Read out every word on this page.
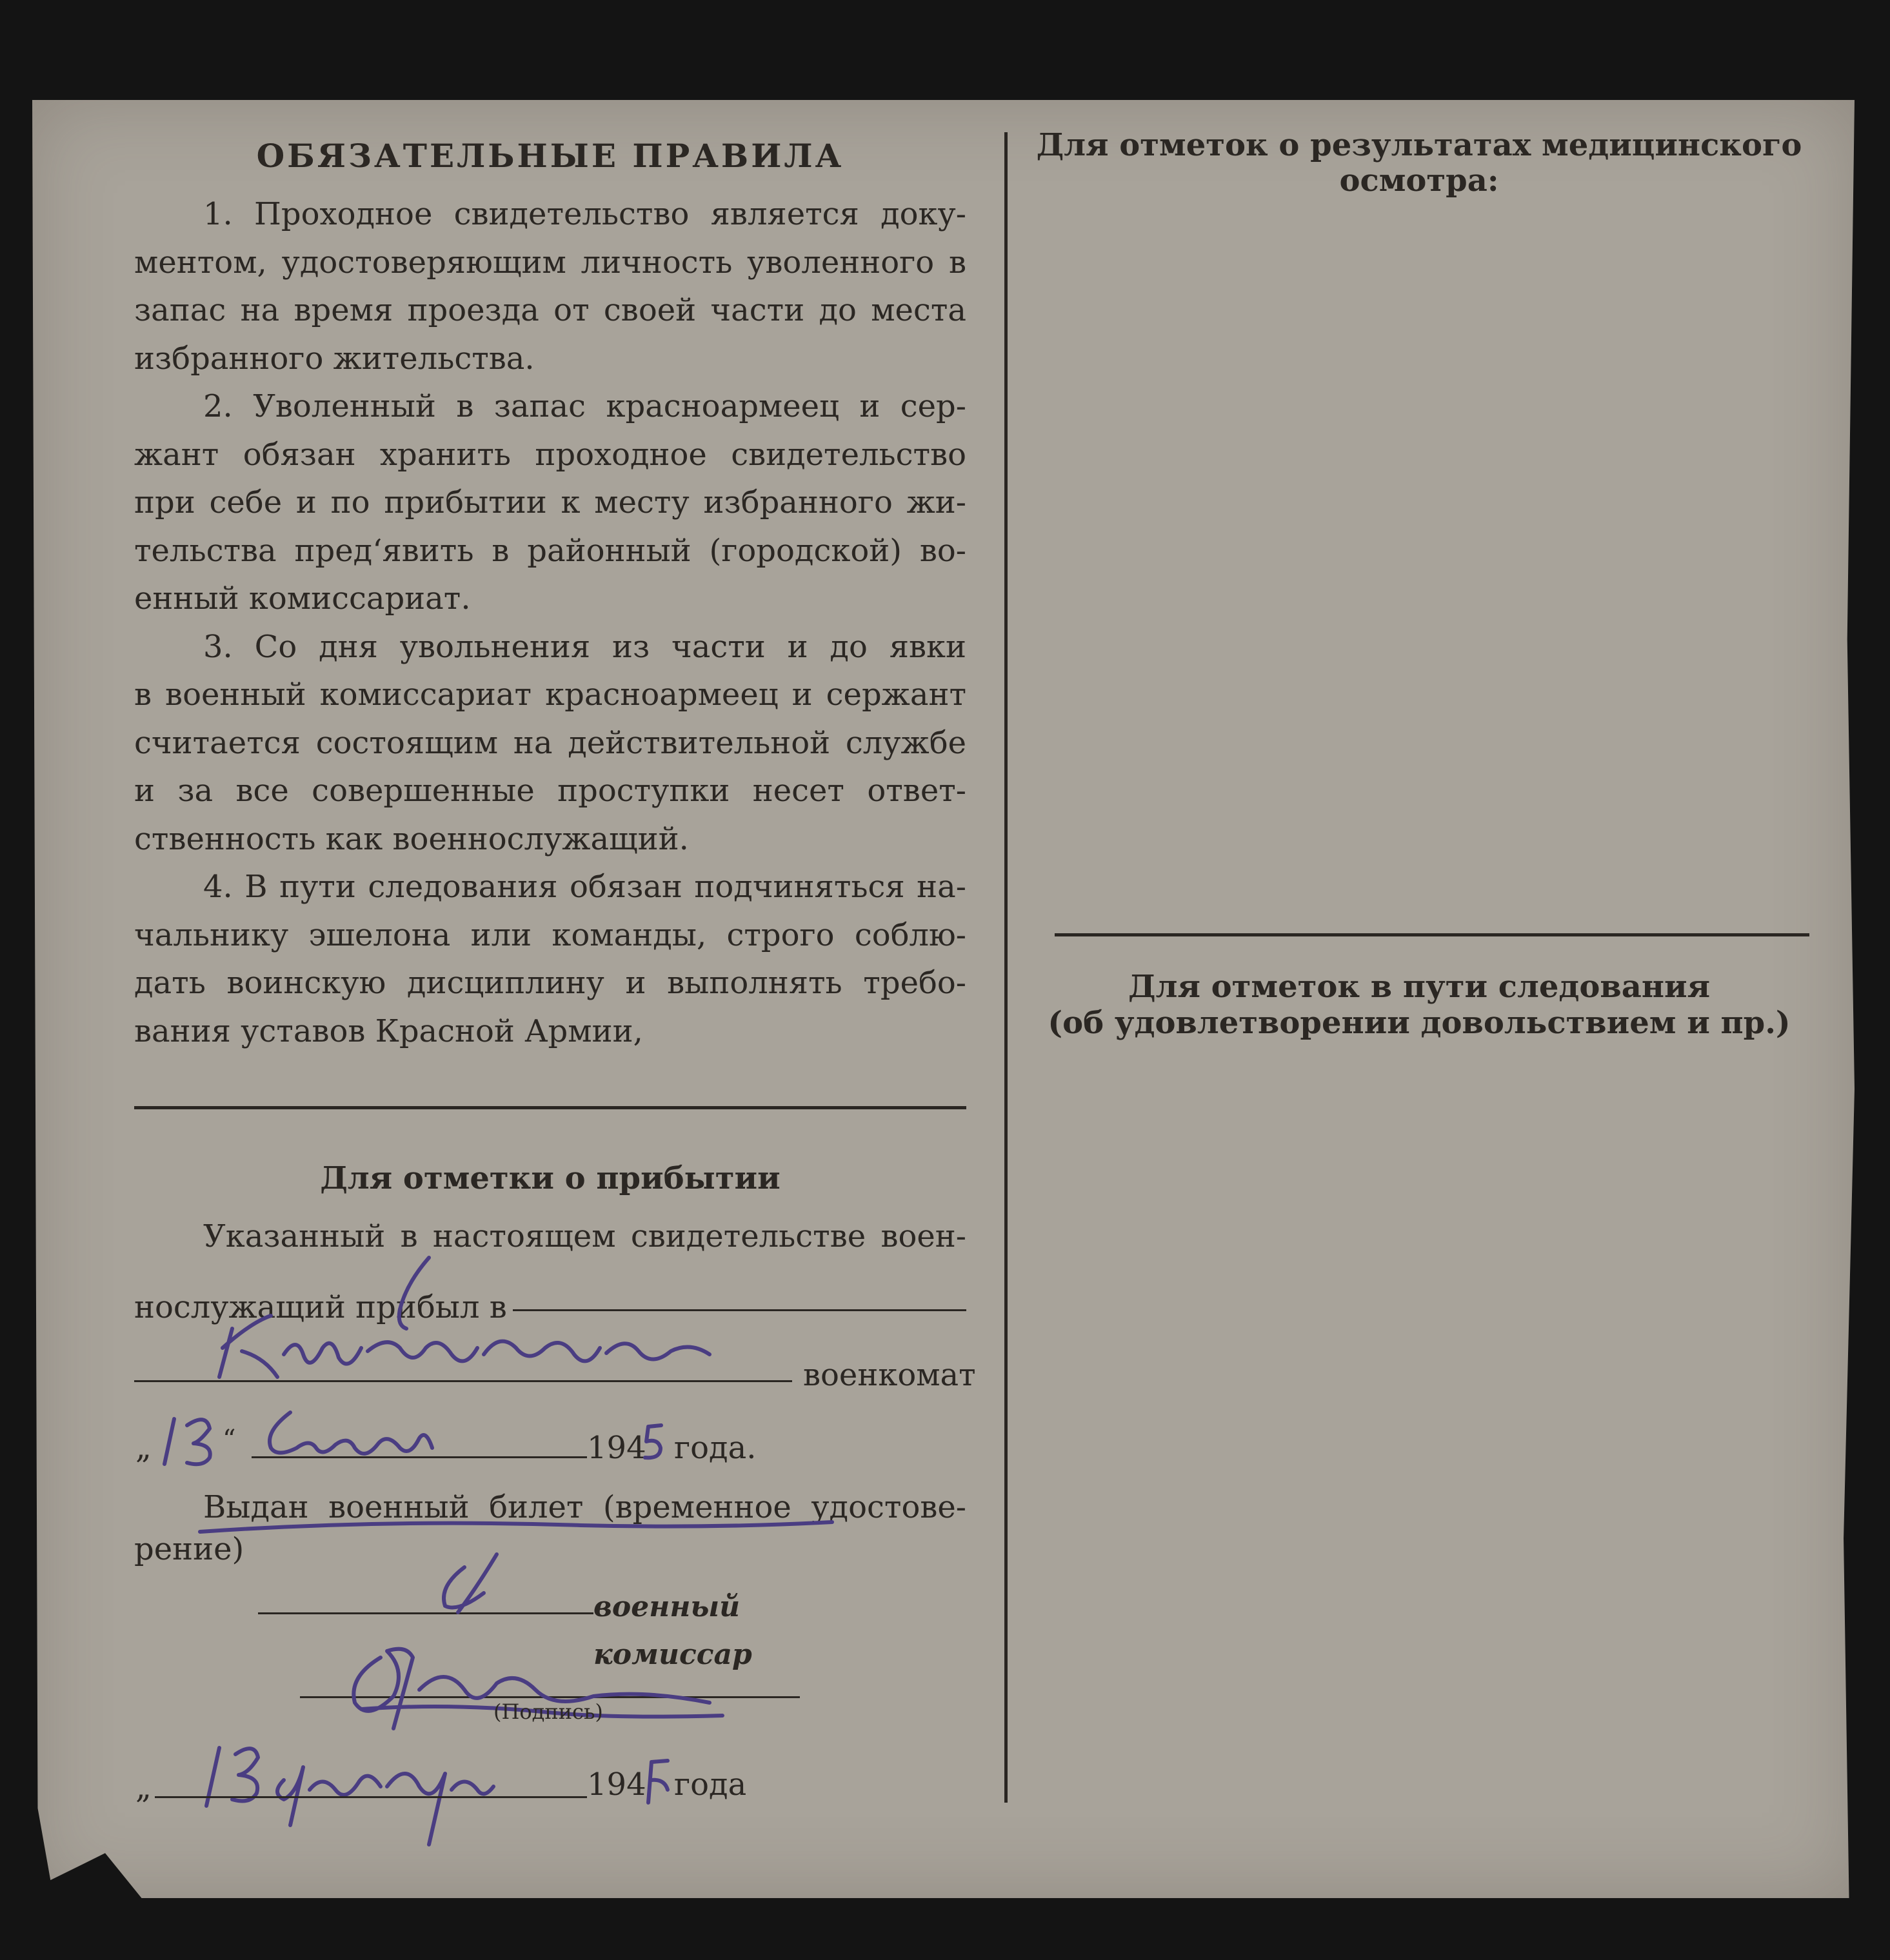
ОБЯЗАТЕЛЬНЫЕ ПРАВИЛА
1. Проходное свидетельство является доку-
ментом, удостоверяющим личность уволенного в
запас на время проезда от своей части до места
избранного жительства.
2. Уволенный в запас красноармеец и сер-
жант обязан хранить проходное свидетельство
при себе и по прибытии к месту избранного жи-
тельства пред‘явить в районный (городской) во-
енный комиссариат.
3. Со дня увольнения из части и до явки
в военный комиссариат красноармеец и сержант
считается состоящим на действительной службе
и за все совершенные проступки несет ответ-
ственность как военнослужащий.
4. В пути следования обязан подчиняться на-
чальнику эшелона или команды, строго соблю-
дать воинскую дисциплину и выполнять требо-
вания уставов Красной Армии,
Для отметки о прибытии
Указанный в настоящем свидетельстве воен-
нослужащий прибыл в
военкомат
„	“	194 года.
Выдан военный билет (временное удостове-
рение)
военный комиссар
(Подпись)
„	194 года
Для отметок о результатах медицинского
осмотра:
Для отметок в пути следования
(об удовлетворении довольствием и пр.)
